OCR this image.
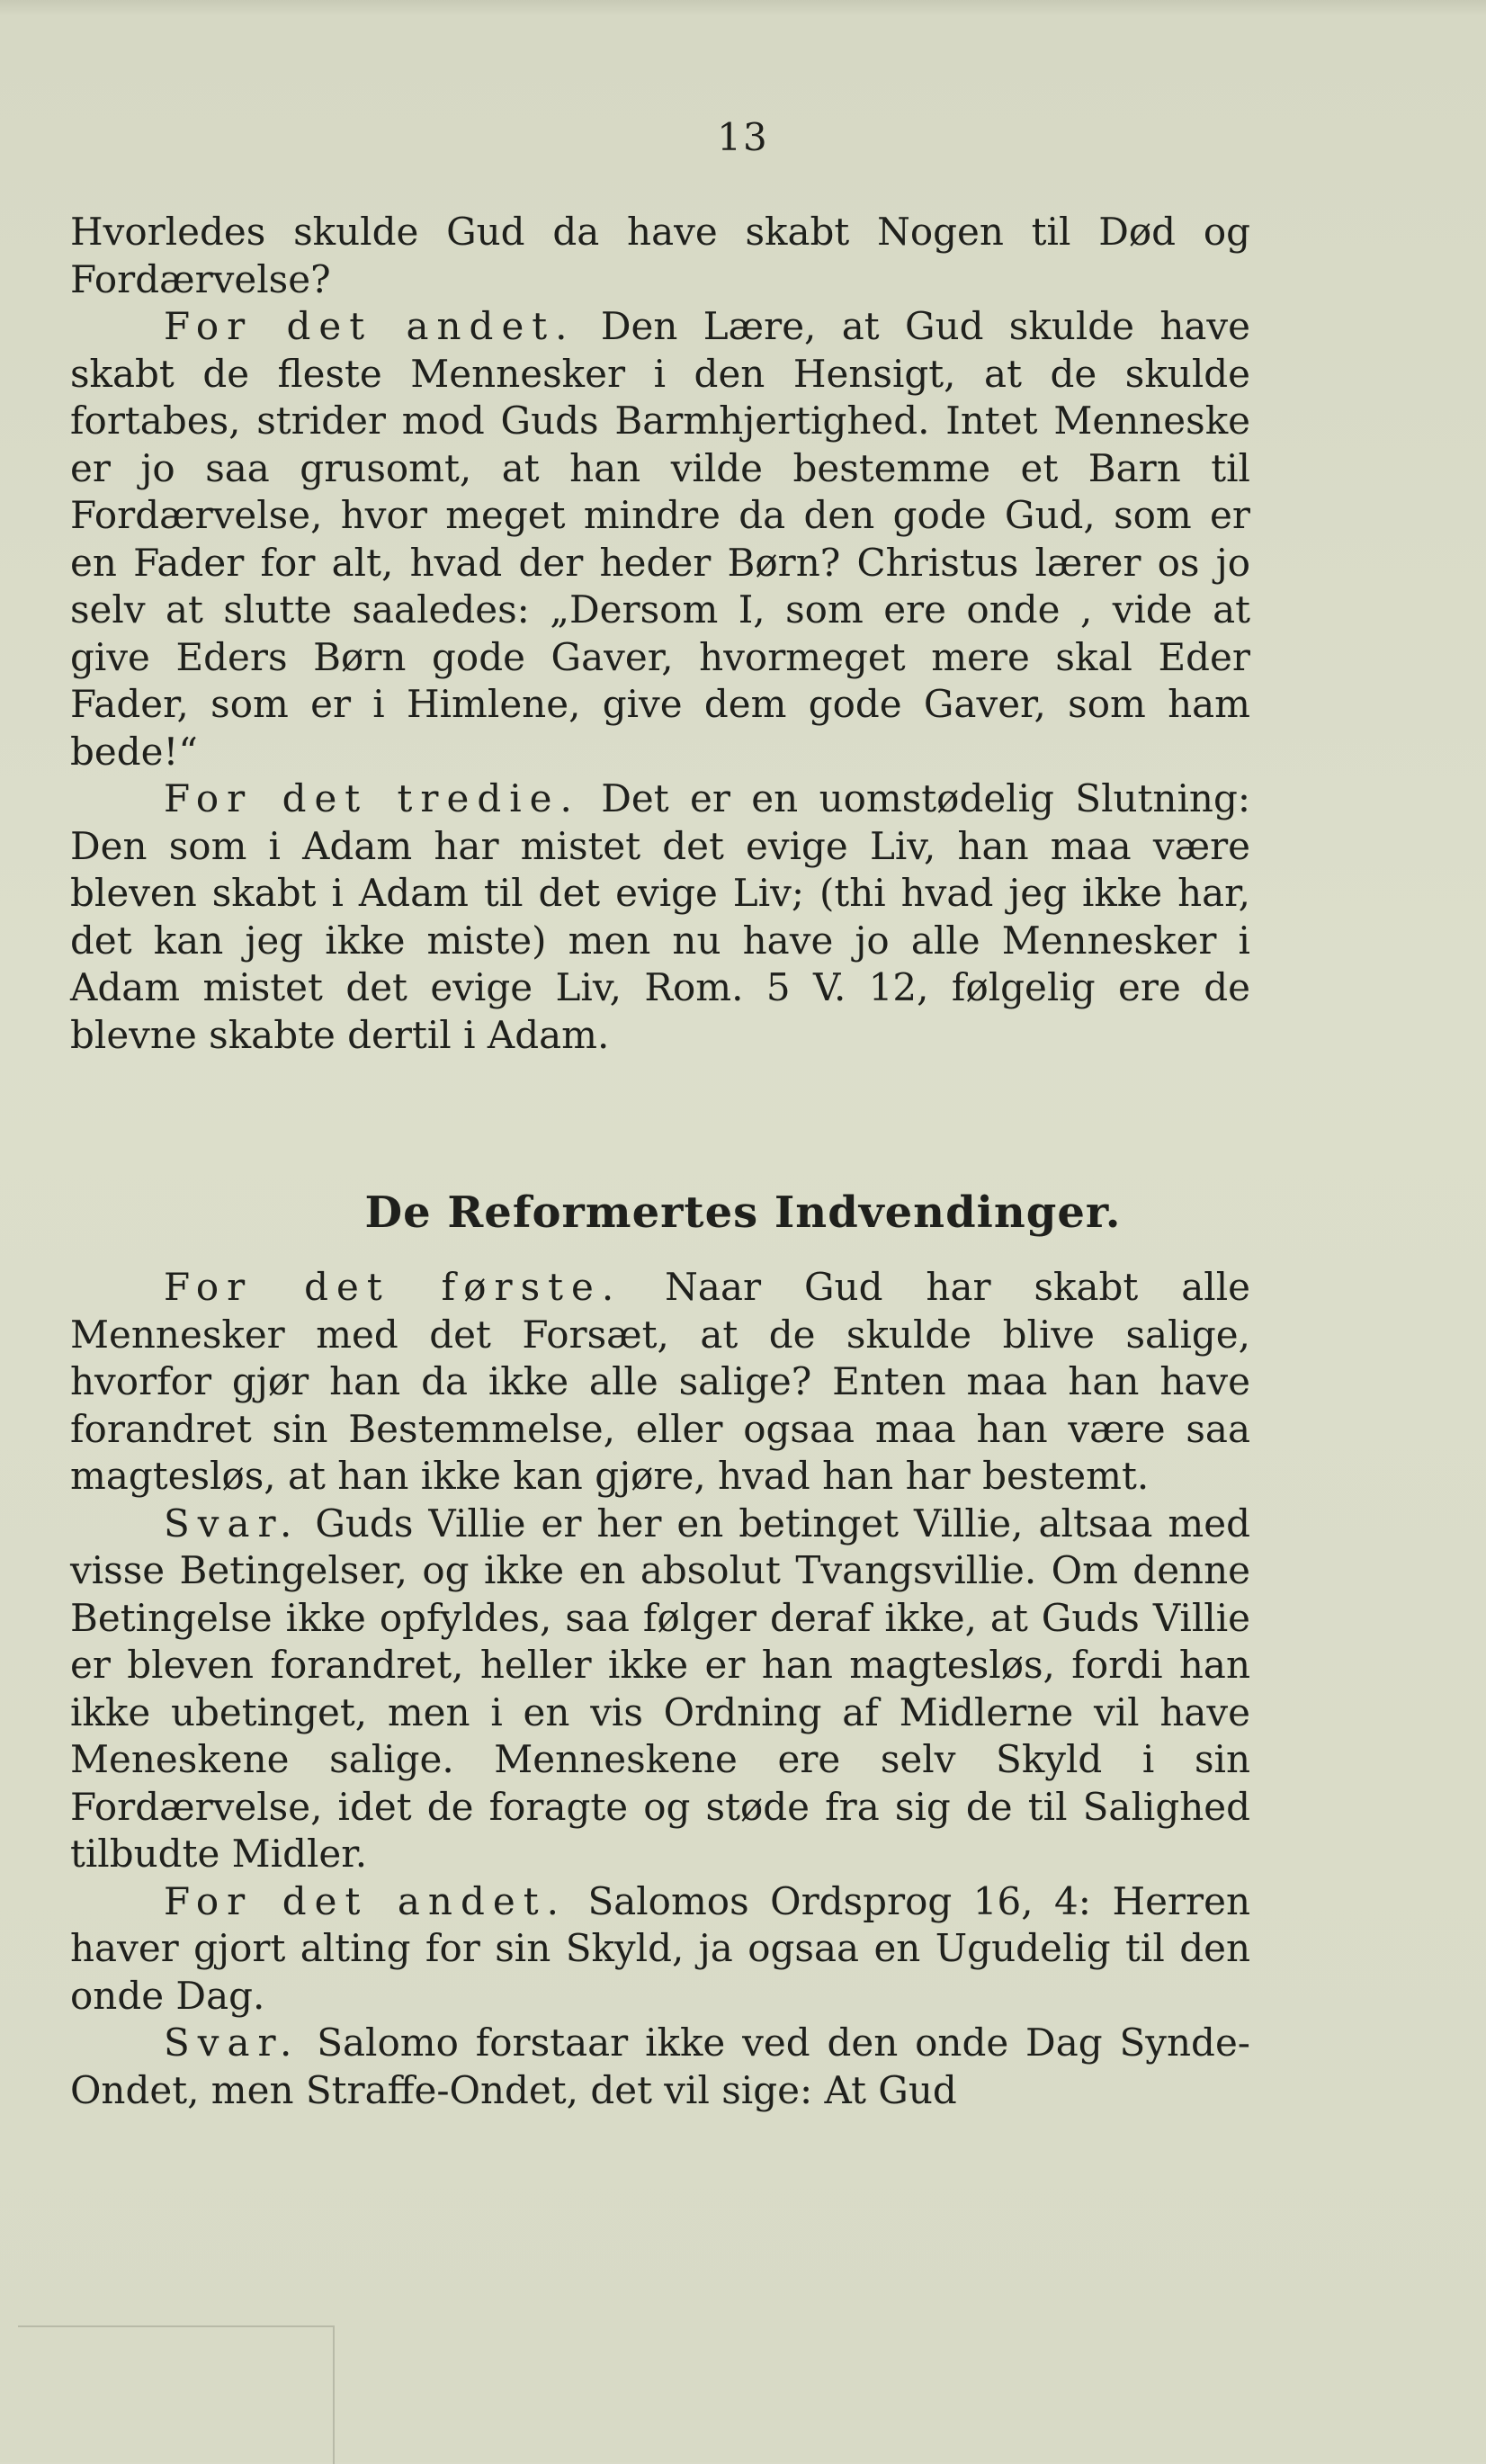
13

Hvorledes skulde Gud da have skabt Nogen til Død og Fordærvelse?

For det andet. Den Lære, at Gud skulde have skabt de fleste Mennesker i den Hensigt, at de skulde fortabes, strider mod Guds Barmhjertighed. Intet Menneske er jo saa grusomt, at han vilde bestemme et Barn til Fordærvelse, hvor meget mindre da den gode Gud, som er en Fader for alt, hvad der heder Børn? Christus lærer os jo selv at slutte saaledes: „Dersom I, som ere onde , vide at give Eders Børn gode Gaver, hvormeget mere skal Eder Fader, som er i Himlene, give dem gode Gaver, som ham bede!“

For det tredie. Det er en uomstødelig Slutning: Den som i Adam har mistet det evige Liv, han maa være bleven skabt i Adam til det evige Liv; (thi hvad jeg ikke har, det kan jeg ikke miste) men nu have jo alle Mennesker i Adam mistet det evige Liv, Rom. 5 V. 12, følgelig ere de blevne skabte dertil i Adam.

De Reformertes Indvendinger.

For det første. Naar Gud har skabt alle Mennesker med det Forsæt, at de skulde blive salige, hvorfor gjør han da ikke alle salige? Enten maa han have forandret sin Bestemmelse, eller ogsaa maa han være saa magtesløs, at han ikke kan gjøre, hvad han har bestemt.

Svar. Guds Villie er her en betinget Villie, altsaa med visse Betingelser, og ikke en absolut Tvangsvillie. Om denne Betingelse ikke opfyldes, saa følger deraf ikke, at Guds Villie er bleven forandret, heller ikke er han magtesløs, fordi han ikke ubetinget, men i en vis Ordning af Midlerne vil have Meneskene salige. Menneskene ere selv Skyld i sin Fordærvelse, idet de foragte og støde fra sig de til Salighed tilbudte Midler.

For det andet. Salomos Ordsprog 16, 4: Herren haver gjort alting for sin Skyld, ja ogsaa en Ugudelig til den onde Dag.

Svar. Salomo forstaar ikke ved den onde Dag Synde-Ondet, men Straffe-Ondet, det vil sige: At Gud
